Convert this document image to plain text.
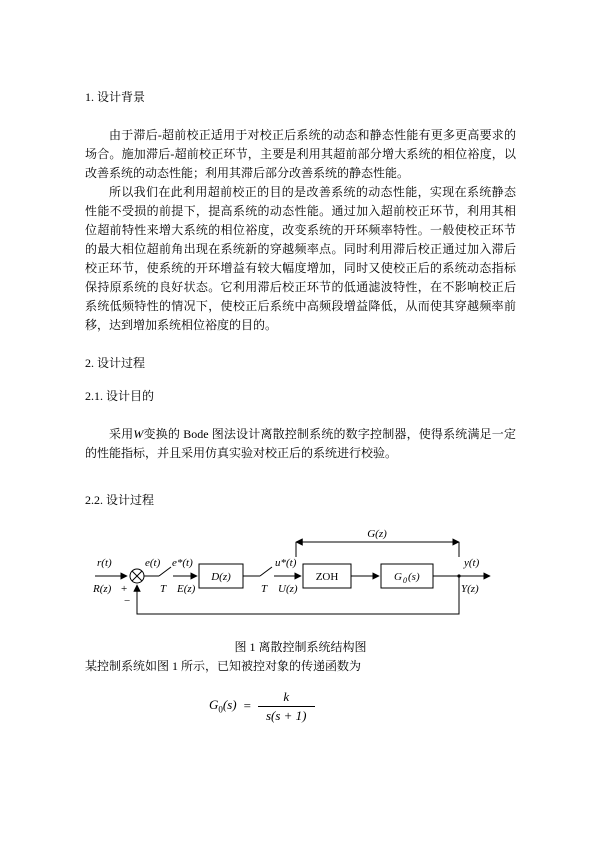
1. 设计背景

由于滞后-超前校正适用于对校正后系统的动态和静态性能有更多更高要求的场合。施加滞后-超前校正环节，主要是利用其超前部分增大系统的相位裕度，以改善系统的动态性能；利用其滞后部分改善系统的静态性能。

所以我们在此利用超前校正的目的是改善系统的动态性能，实现在系统静态性能不受损的前提下，提高系统的动态性能。通过加入超前校正环节，利用其相位超前特性来增大系统的相位裕度，改变系统的开环频率特性。一般使校正环节的最大相位超前角出现在系统新的穿越频率点。同时利用滞后校正通过加入滞后校正环节，使系统的开环增益有较大幅度增加，同时又使校正后的系统动态指标保持原系统的良好状态。它利用滞后校正环节的低通滤波特性，在不影响校正后系统低频特性的情况下，使校正后系统中高频段增益降低，从而使其穿越频率前移，达到增加系统相位裕度的目的。

2. 设计过程
2.1. 设计目的

采用W变换的 Bode 图法设计离散控制系统的数字控制器，使得系统满足一定的性能指标，并且采用仿真实验对校正后的系统进行校验。

2.2. 设计过程
G(z)
r(t)
R(z) +
−
e(t)
T
e*(t)
E(z)
D(z)
T
u*(t)
U(z)
ZOH	G 0 (s)
y(t)
Y(z)
图 1 离散控制系统结构图

某控制系统如图 1 所示，已知被控对象的传递函数为

$G_0(s) = \frac{k}{s(s + 1)}$
